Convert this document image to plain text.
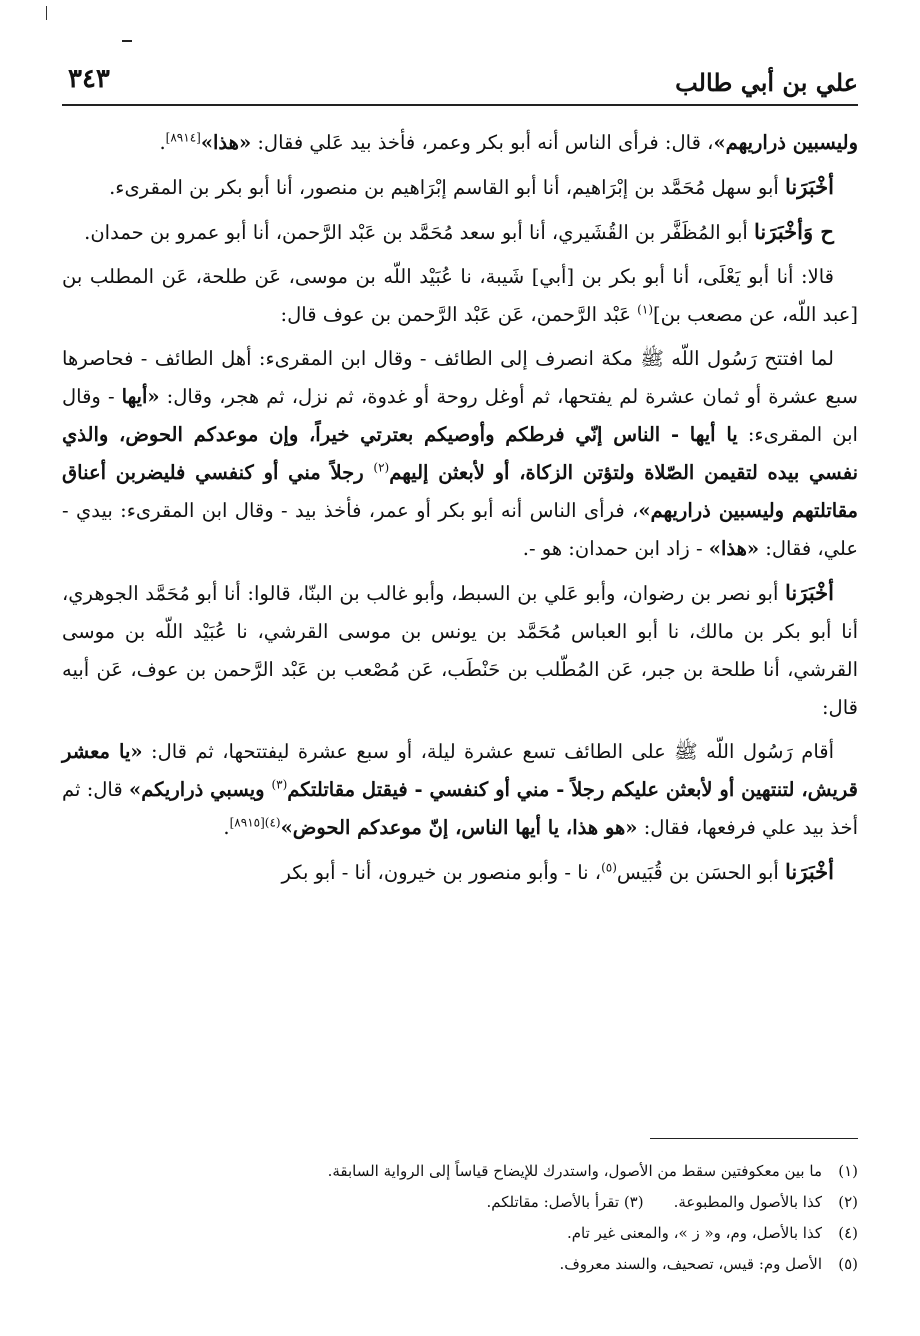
٣٤٣	علي بن أبي طالب

وليسبين ذراريهم»، قال: فرأى الناس أنه أبو بكر وعمر، فأخذ بيد عَلي فقال: «هذا»[٨٩١٤].

أخْبَرَنا أبو سهل مُحَمَّد بن إبْرَاهيم، أنا أبو القاسم إبْرَاهيم بن منصور، أنا أبو بكر بن المقرىء.

ح وَأخْبَرَنا أبو المُظَفَّر بن القُشَيري، أنا أبو سعد مُحَمَّد بن عَبْد الرَّحمن، أنا أبو عمرو بن حمدان.

قالا: أنا أبو يَعْلَى، أنا أبو بكر بن [أبي] شَيبة، نا عُبَيْد اللّه بن موسى، عَن طلحة، عَن المطلب بن [عبد اللّه، عن مصعب بن]$^{(١)}$ عَبْد الرَّحمن، عَن عَبْد الرَّحمن بن عوف قال:

لما افتتح رَسُول اللّه ﷺ مكة انصرف إلى الطائف - وقال ابن المقرىء: أهل الطائف - فحاصرها سبع عشرة أو ثمان عشرة لم يفتحها، ثم أوغل روحة أو غدوة، ثم نزل، ثم هجر، وقال: «أيها - وقال ابن المقرىء: يا أيها - الناس إنّي فرطكم وأوصيكم بعترتي خيراً، وإن موعدكم الحوض، والذي نفسي بيده لتقيمن الصّلاة ولتؤتن الزكاة، أو لأبعثن إليهم$^{(٢)}$ رجلاً مني أو كنفسي فليضربن أعناق مقاتلتهم وليسبين ذراريهم»، فرأى الناس أنه أبو بكر أو عمر، فأخذ بيد - وقال ابن المقرىء: بيدي - علي، فقال: «هذا» - زاد ابن حمدان: هو -.

أخْبَرَنا أبو نصر بن رضوان، وأبو عَلي بن السبط، وأبو غالب بن البنّا، قالوا: أنا أبو مُحَمَّد الجوهري، أنا أبو بكر بن مالك، نا أبو العباس مُحَمَّد بن يونس بن موسى القرشي، نا عُبَيْد اللّه بن موسى القرشي، أنا طلحة بن جبر، عَن المُطّلب بن حَنْطَب، عَن مُصْعب بن عَبْد الرَّحمن بن عوف، عَن أبيه قال:

أقام رَسُول اللّه ﷺ على الطائف تسع عشرة ليلة، أو سبع عشرة ليفتتحها، ثم قال: «يا معشر قريش، لتنتهين أو لأبعثن عليكم رجلاً - مني أو كنفسي - فيقتل مقاتلتكم$^{(٣)}$ ويسبي ذراريكم» قال: ثم أخذ بيد علي فرفعها، فقال: «هو هذا، يا أيها الناس، إنّ موعدكم الحوض»$^{(٤)[٨٩١٥]}$.

أخْبَرَنا أبو الحسَن بن قُبَيس$^{(٥)}$، نا - وأبو منصور بن خيرون، أنا - أبو بكر

(١)ما بين معكوفتين سقط من الأصول، واستدرك للإيضاح قياساً إلى الرواية السابقة.

(٢)كذا بالأصول والمطبوعة.(٣) تقرأ بالأصل: مقاتلكم.

(٤)كذا بالأصل، وم، و« ز »، والمعنى غير تام.

(٥)الأصل وم: قيس، تصحيف، والسند معروف.
